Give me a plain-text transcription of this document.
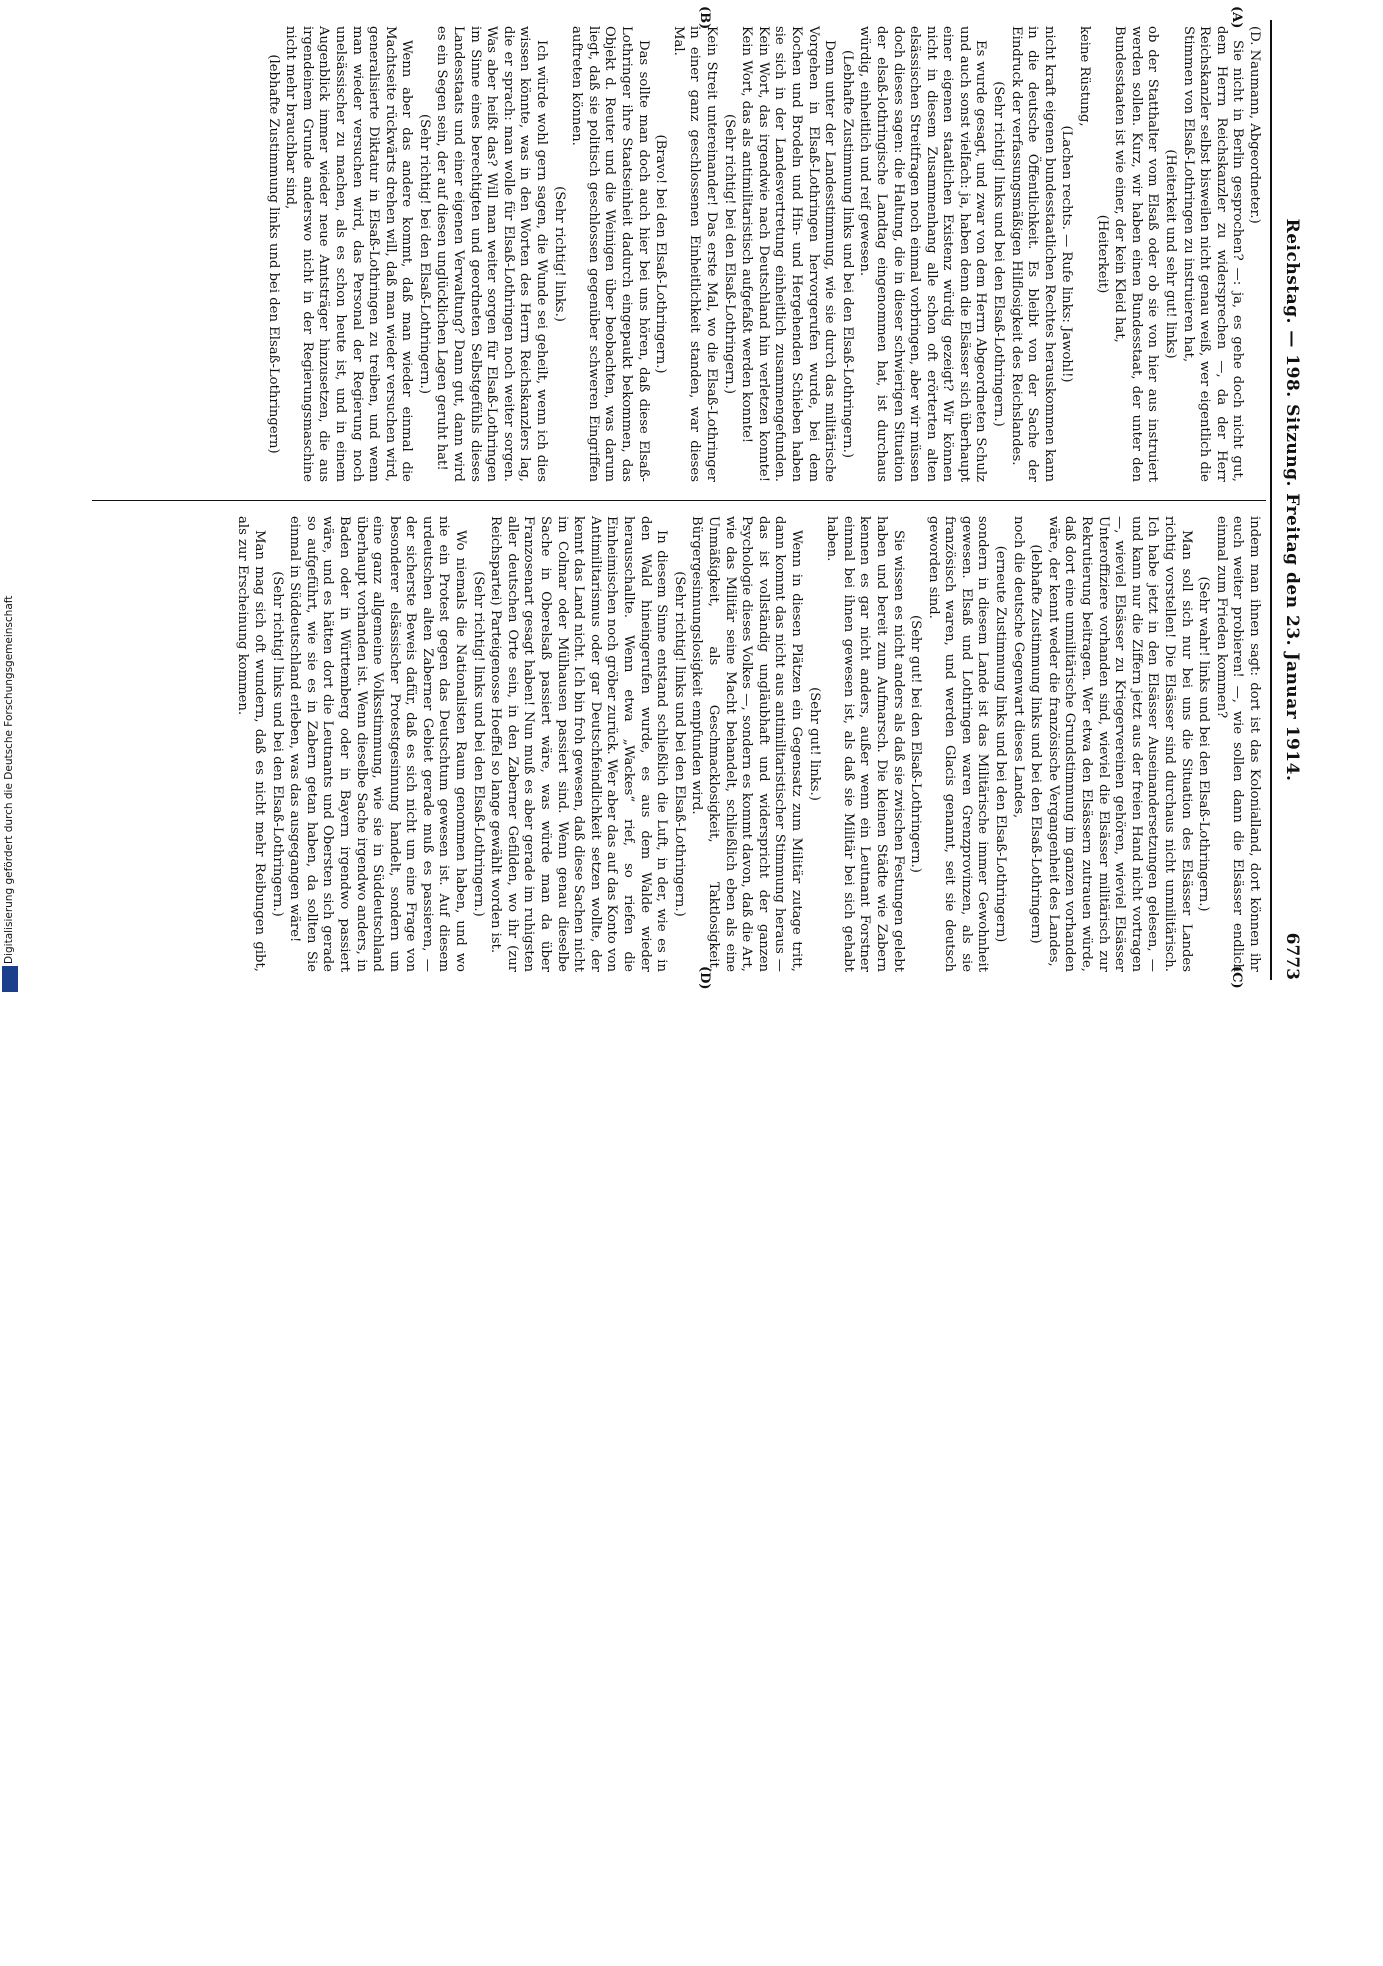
Digitalisierung gefördert durch die Deutsche Forschungsgemeinschaft
DFG
Reichstag. — 198. Sitzung. Freitag den 23. Januar 1914.
6773
(A)
(B)
(C)
(D)

(D. Naumann, Abgeordneter.)

Sie nicht in Berlin gesprochen? —: ja, es gehe doch nicht gut, dem Herrn Reichskanzler zu widersprechen —, da der Herr Reichskanzler selbst bisweilen nicht genau weiß, wer eigentlich die Stimmen von Elsaß-Lothringen zu instruieren hat,

(Heiterkeit und sehr gut! links)

ob der Statthalter vom Elsaß oder ob sie von hier aus instruiert werden sollen. Kurz, wir haben einen Bundesstaat, der unter den Bundesstaaten ist wie einer, der kein Kleid hat,

(Heiterkeit)

keine Rüstung,

(Lachen rechts. — Rufe links: Jawohl!)

nicht kraft eigenen bundesstaatlichen Rechtes herauskommen kann in die deutsche Öffentlichkeit. Es bleibt von der Sache der Eindruck der verfassungsmäßigen Hilflosigkeit des Reichslandes.

(Sehr richtig! links und bei den Elsaß-Lothringern.)

Es wurde gesagt, und zwar von dem Herrn Abgeordneten Schulz und auch sonst vielfach: ja, haben denn die Elsässer sich überhaupt einer eigenen staatlichen Existenz würdig gezeigt? Wir können nicht in diesem Zusammenhang alle schon oft erörterten alten elsässischen Streitfragen noch einmal vorbringen, aber wir müssen doch dieses sagen: die Haltung, die in dieser schwierigen Situation der elsaß-lothringische Landtag eingenommen hat, ist durchaus würdig, einheitlich und reif gewesen.

(Lebhafte Zustimmung links und bei den Elsaß-Lothringern.)

Denn unter der Landesstimmung, wie sie durch das militärische Vorgehen in Elsaß-Lothringen hervorgerufen wurde, bei dem Kochen und Brodeln und Hin- und Hergehenden Schieben haben sie sich in der Landesvertretung einheitlich zusammengefunden. Kein Wort, das irgendwie nach Deutschland hin verletzen konnte! Kein Wort, das als antimilitaristisch aufgefaßt werden konnte!

(Sehr richtig! bei den Elsaß-Lothringern.)

Kein Streit untereinander! Das erste Mal, wo die Elsaß-Lothringer in einer ganz geschlossenen Einheitlichkeit standen, war dieses Mal.

(Bravo! bei den Elsaß-Lothringern.)

Das sollte man doch auch hier bei uns hören, daß diese Elsaß-Lothringer ihre Staatseinheit dadurch eingepaukt bekommen, das Objekt d. Reuter und die Weinigen über beobachten, was darum liegt, daß sie politisch geschlossen gegenüber schweren Eingriffen auftreten können.

(Sehr richtig! links.)

Ich würde wohl gern sagen, die Wunde sei geheilt, wenn ich dies wissen könnte, was in den Worten des Herrn Reichskanzlers lag, die er sprach: man wolle für Elsaß-Lothringen noch weiter sorgen. Was aber heißt das? Will man weiter sorgen für Elsaß-Lothringen im Sinne eines berechtigten und geordneten Selbstgefühls dieses Landesstaats und einer eigenen Verwaltung? Dann gut, dann wird es ein Segen sein, der auf diesen unglücklichen Lagen geruht hat!

(Sehr richtig! bei den Elsaß-Lothringern.)

Wenn aber das andere kommt, daß man wieder einmal die Machtseite rückwärts drehen will, daß man wieder versuchen wird, generalisierte Diktatur in Elsaß-Lothringen zu treiben, und wenn man wieder versuchen wird, das Personal der Regierung noch unelsässischer zu machen, als es schon heute ist, und in einem Augenblick immer wieder neue Amtsträger hinzusetzen, die aus irgendeinem Grunde anderswo nicht in der Regierungsmaschine nicht mehr brauchbar sind,

(lebhafte Zustimmung links und bei den Elsaß-Lothringern)

indem man ihnen sagt: dort ist das Kolonialland, dort können ihr euch weiter probieren! —, wie sollen dann die Elsässer endlich einmal zum Frieden kommen?

(Sehr wahr! links und bei den Elsaß-Lothringern.)

Man soll sich nur bei uns die Situation des Elsässer Landes richtig vorstellen! Die Elsässer sind durchaus nicht unmilitärisch. Ich habe jetzt in den Elsässer Auseinandersetzungen gelesen, — und kann nur die Ziffern jetzt aus der freien Hand nicht vortragen —, wieviel Elsässer zu Kriegervereinen gehören, wieviel Elsässer Unteroffiziere vorhanden sind, wieviel die Elsässer militärisch zur Rekrutierung beitragen. Wer etwa den Elsässern zutrauen würde, daß dort eine unmilitärische Grundstimmung im ganzen vorhanden wäre, der kennt weder die französische Vergangenheit des Landes,

(lebhafte Zustimmung links und bei den Elsaß-Lothringern)

noch die deutsche Gegenwart dieses Landes,

(erneute Zustimmung links und bei den Elsaß-Lothringern)

sondern in diesem Lande ist das Militärische immer Gewohnheit gewesen. Elsaß und Lothringen waren Grenzprovinzen, als sie französisch waren, und werden Glacis genannt, seit sie deutsch geworden sind.

(Sehr gut! bei den Elsaß-Lothringern.)

Sie wissen es nicht anders als daß sie zwischen Festungen gelebt haben und bereit zum Aufmarsch. Die kleinen Städte wie Zabern kennen es gar nicht anders, außer wenn ein Leutnant Forstner einmal bei ihnen gewesen ist, als daß sie Militär bei sich gehabt haben.

(Sehr gut! links.)

Wenn in diesen Plätzen ein Gegensatz zum Militär zutage tritt, dann kommt das nicht aus antimilitaristischer Stimmung heraus — das ist vollständig ungläubhaft und widerspricht der ganzen Psychologie dieses Volkes —, sondern es kommt davon, daß die Art, wie das Militär seine Macht behandelt, schließlich eben als eine Unmäßigkeit, als Geschmacklosigkeit, Taktlosigkeit, Bürgergesinnungslosigkeit empfunden wird.

(Sehr richtig! links und bei den Elsaß-Lothringern.)

In diesem Sinne entstand schließlich die Luft, in der, wie es in den Wald hineingerufen wurde, es aus dem Walde wieder herausschallte. Wenn etwa „Wackes“ rief, so riefen die Einheimischen noch gröber zurück. Wer aber das auf das Konto von Antimilitarismus oder gar Deutschfeindlichkeit setzen wollte, der kennt das Land nicht. Ich bin froh gewesen, daß diese Sachen nicht im Colmar oder Mülhausen passiert sind. Wenn genau dieselbe Sache in Oberelsaß passiert wäre, was würde man da über Franzosenart gesagt haben! Nun muß es aber gerade im ruhigsten aller deutschen Orte sein, in den Zaberner Gefilden, wo ihr (zur Reichspartei) Parteigenosse Hoeffel so lange gewählt worden ist.

(Sehr richtig! links und bei den Elsaß-Lothringern.)

Wo niemals die Nationalisten Raum genommen haben, und wo nie ein Protest gegen das Deutschtum gewesen ist. Auf diesem urdeutschen alten Zaberner Gebiet gerade muß es passieren, — der sicherste Beweis dafür, daß es sich nicht um eine Frage von besonderer elsässischer Protestgesinnung handelt, sondern um eine ganz allgemeine Volksstimmung, wie sie in Süddeutschland überhaupt vorhanden ist. Wenn dieselbe Sache irgendwo anders, in Baden oder in Württemberg oder in Bayern irgendwo passiert wäre, und es hätten dort die Leutnants und Obersten sich gerade so aufgeführt, wie sie es in Zabern getan haben, da sollten Sie einmal in Süddeutschland erleben, was das ausgegangen wäre!

(Sehr richtig! links und bei den Elsaß-Lothringern.)

Man mag sich oft wundern, daß es nicht mehr Reibungen gibt, als zur Erscheinung kommen.
